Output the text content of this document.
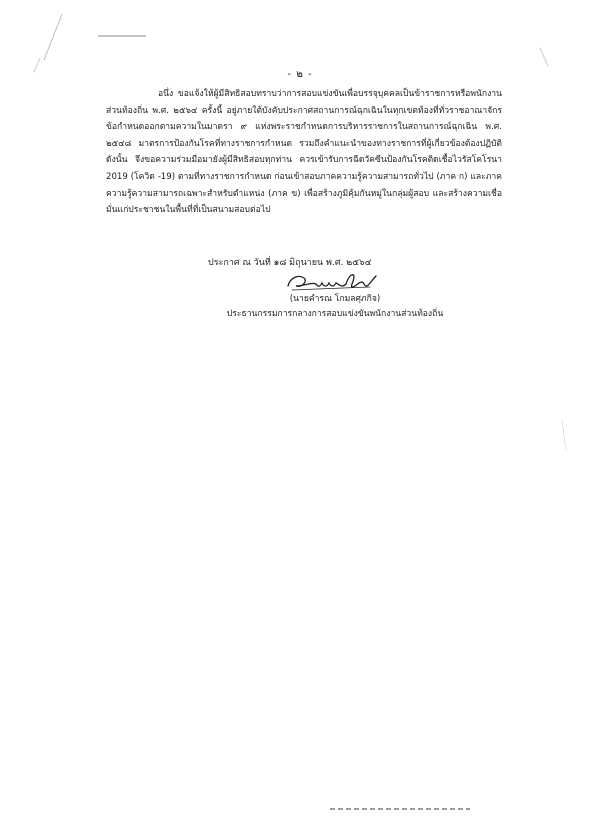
- ๒ -

อนึ่ง ขอแจ้งให้ผู้มีสิทธิสอบทราบว่าการสอบแข่งขันเพื่อบรรจุบุคคลเป็นข้าราชการหรือพนักงานส่วนท้องถิ่น พ.ศ. ๒๕๖๔ ครั้งนี้ อยู่ภายใต้บังคับประกาศสถานการณ์ฉุกเฉินในทุกเขตท้องที่ทั่วราชอาณาจักร ข้อกำหนดออกตามความในมาตรา ๙ แห่งพระราชกำหนดการบริหารราชการในสถานการณ์ฉุกเฉิน พ.ศ. ๒๕๔๘ มาตรการป้องกันโรคที่ทางราชการกำหนด รวมถึงคำแนะนำของทางราชการที่ผู้เกี่ยวข้องต้องปฏิบัติ ดังนั้น จึงขอความร่วมมือมายังผู้มีสิทธิสอบทุกท่าน ควรเข้ารับการฉีดวัคซีนป้องกันโรคติดเชื้อไวรัสโคโรนา 2019 (โควิด -19) ตามที่ทางราชการกำหนด ก่อนเข้าสอบภาคความรู้ความสามารถทั่วไป (ภาค ก) และภาคความรู้ความสามารถเฉพาะสำหรับตำแหน่ง (ภาค ข) เพื่อสร้างภูมิคุ้มกันหมู่ในกลุ่มผู้สอบ และสร้างความเชื่อมั่นแก่ประชาชนในพื้นที่ที่เป็นสนามสอบต่อไป

ประกาศ ณ วันที่ ๑๘ มิถุนายน พ.ศ. ๒๕๖๔
(นายคำรณ โกมลศุภกิจ)
ประธานกรรมการกลางการสอบแข่งขันพนักงานส่วนท้องถิ่น
